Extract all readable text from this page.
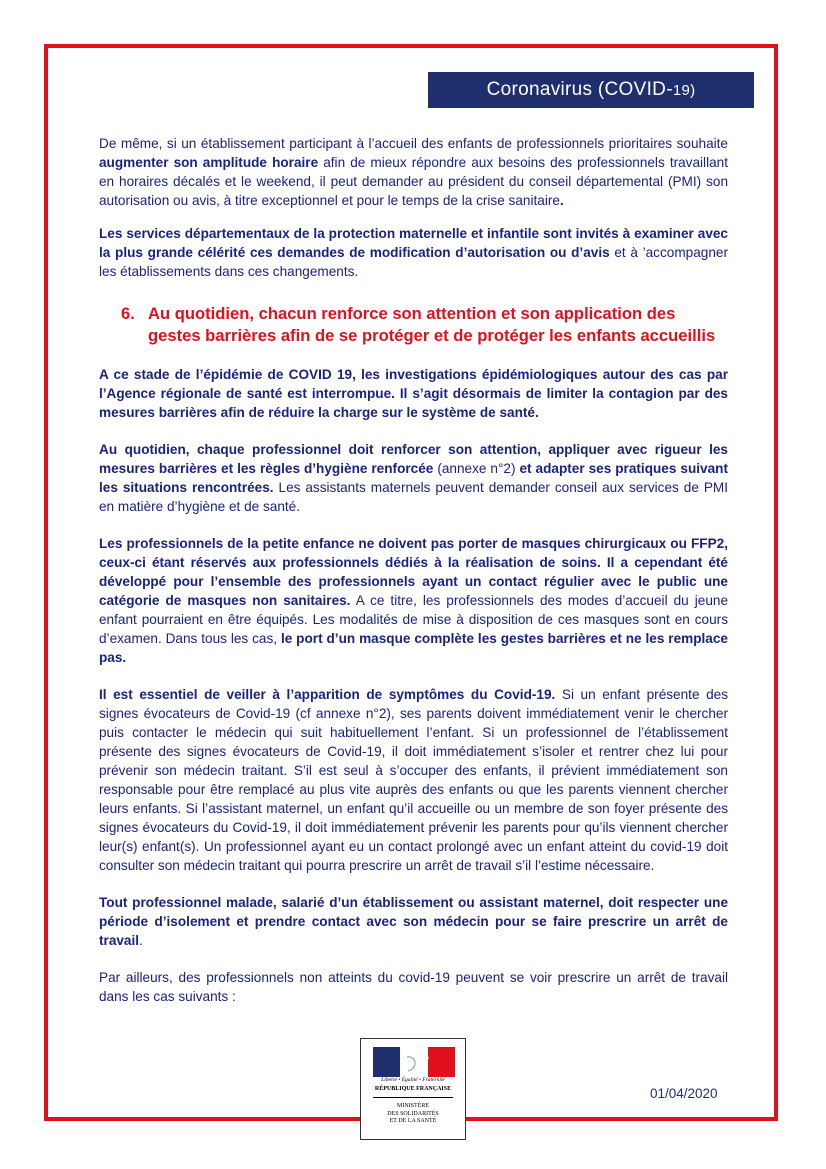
Coronavirus (COVID- 19)

De même, si un établissement participant à l’accueil des enfants de professionnels prioritaires souhaite augmenter son amplitude horaire afin de mieux répondre aux besoins des professionnels travaillant en horaires décalés et le weekend, il peut demander au président du conseil départemental (PMI) son autorisation ou avis, à titre exceptionnel et pour le temps de la crise sanitaire.

Les services départementaux de la protection maternelle et infantile sont invités à examiner avec la plus grande célérité ces demandes de modification d’autorisation ou d’avis et à ’accompagner les établissements dans ces changements.

6. Au quotidien, chacun renforce son attention et son application des gestes barrières afin de se protéger et de protéger les enfants accueillis

A ce stade de l’épidémie de COVID 19, les investigations épidémiologiques autour des cas par l’Agence régionale de santé est interrompue. Il s’agit désormais de limiter la contagion par des mesures barrières afin de réduire la charge sur le système de santé.

Au quotidien, chaque professionnel doit renforcer son attention, appliquer avec rigueur les mesures barrières et les règles d’hygiène renforcée (annexe n°2) et adapter ses pratiques suivant les situations rencontrées. Les assistants maternels peuvent demander conseil aux services de PMI en matière d’hygiène et de santé.

Les professionnels de la petite enfance ne doivent pas porter de masques chirurgicaux ou FFP2, ceux-ci étant réservés aux professionnels dédiés à la réalisation de soins. Il a cependant été développé pour l’ensemble des professionnels ayant un contact régulier avec le public une catégorie de masques non sanitaires. A ce titre, les professionnels des modes d’accueil du jeune enfant pourraient en être équipés. Les modalités de mise à disposition de ces masques sont en cours d’examen. Dans tous les cas, le port d’un masque complète les gestes barrières et ne les remplace pas.

Il est essentiel de veiller à l’apparition de symptômes du Covid-19. Si un enfant présente des signes évocateurs de Covid-19 (cf annexe n°2), ses parents doivent immédiatement venir le chercher puis contacter le médecin qui suit habituellement l’enfant. Si un professionnel de l’établissement présente des signes évocateurs de Covid-19, il doit immédiatement s’isoler et rentrer chez lui pour prévenir son médecin traitant. S’il est seul à s’occuper des enfants, il prévient immédiatement son responsable pour être remplacé au plus vite auprès des enfants ou que les parents viennent chercher leurs enfants. Si l’assistant maternel, un enfant qu’il accueille ou un membre de son foyer présente des signes évocateurs du Covid-19, il doit immédiatement prévenir les parents pour qu’ils viennent chercher leur(s) enfant(s). Un professionnel ayant eu un contact prolongé avec un enfant atteint du covid-19 doit consulter son médecin traitant qui pourra prescrire un arrêt de travail s’il l’estime nécessaire.

Tout professionnel malade, salarié d’un établissement ou assistant maternel, doit respecter une période d’isolement et prendre contact avec son médecin pour se faire prescrire un arrêt de travail.

Par ailleurs, des professionnels non atteints du covid-19 peuvent se voir prescrire un arrêt de travail dans les cas suivants :

Liberté • Égalité • Fraternité
RÉPUBLIQUE FRANÇAISE
MINISTÈRE
DES SOLIDARITÉS
ET DE LA SANTÉ
01/04/2020
